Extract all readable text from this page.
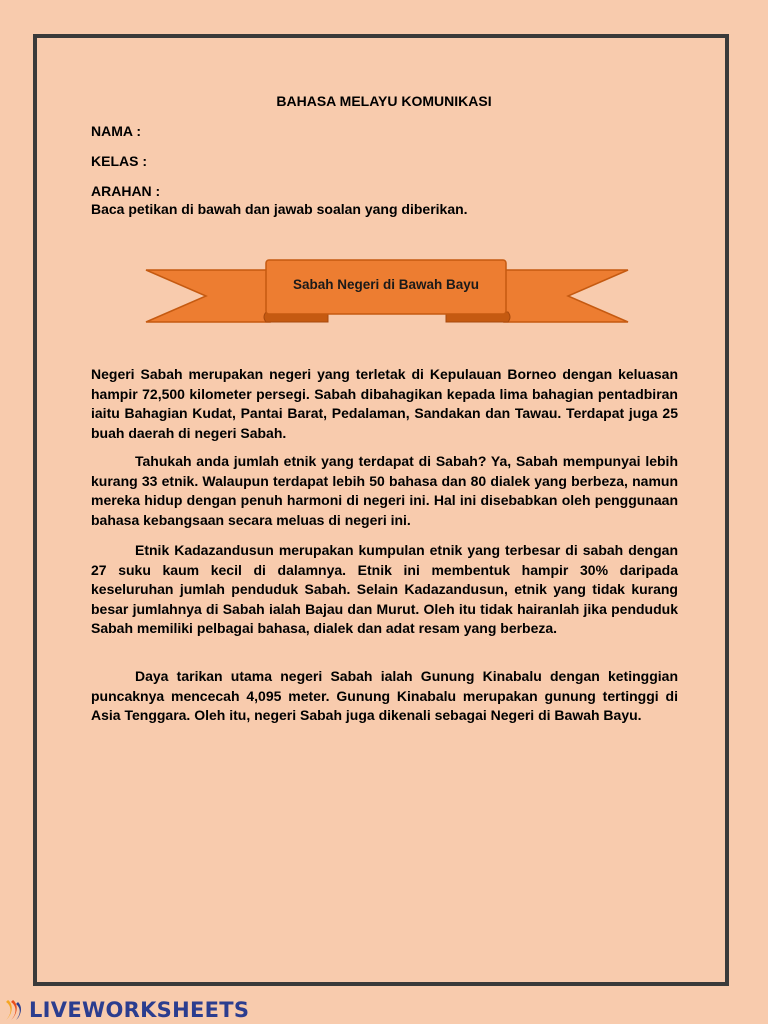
BAHASA MELAYU KOMUNIKASI
NAMA :
KELAS :
ARAHAN :
Baca petikan di bawah dan jawab soalan yang diberikan.
Sabah Negeri di Bawah Bayu

Negeri Sabah merupakan negeri yang terletak di Kepulauan Borneo dengan keluasan hampir 72,500 kilometer persegi. Sabah dibahagikan kepada lima bahagian pentadbiran iaitu Bahagian Kudat, Pantai Barat, Pedalaman, Sandakan dan Tawau. Terdapat juga 25 buah daerah di negeri Sabah.

Tahukah anda jumlah etnik yang terdapat di Sabah? Ya, Sabah mempunyai lebih kurang 33 etnik. Walaupun terdapat lebih 50 bahasa dan 80 dialek yang berbeza, namun mereka hidup dengan penuh harmoni di negeri ini. Hal ini disebabkan oleh penggunaan bahasa kebangsaan secara meluas di negeri ini.

Etnik Kadazandusun merupakan kumpulan etnik yang terbesar di sabah dengan 27 suku kaum kecil di dalamnya. Etnik ini membentuk hampir 30% daripada keseluruhan jumlah penduduk Sabah. Selain Kadazandusun, etnik yang tidak kurang besar jumlahnya di Sabah ialah Bajau dan Murut. Oleh itu tidak hairanlah jika penduduk Sabah memiliki pelbagai bahasa, dialek dan adat resam yang berbeza.

Daya tarikan utama negeri Sabah ialah Gunung Kinabalu dengan ketinggian puncaknya mencecah 4,095 meter. Gunung Kinabalu merupakan gunung tertinggi di Asia Tenggara. Oleh itu, negeri Sabah juga dikenali sebagai Negeri di Bawah Bayu.

LIVEWORKSHEETS
